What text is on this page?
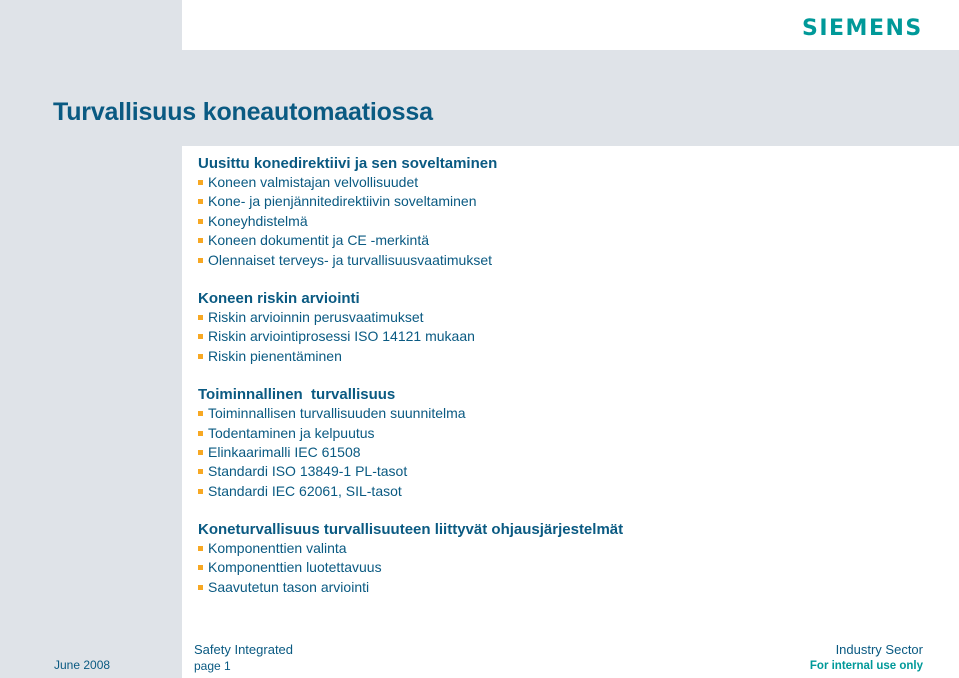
SIEMENS
Turvallisuus koneautomaatiossa
Uusittu konedirektiivi ja sen soveltaminen
Koneen valmistajan velvollisuudet
Kone- ja pienjännitedirektiivin soveltaminen
Koneyhdistelmä
Koneen dokumentit ja CE -merkintä
Olennaiset terveys- ja turvallisuusvaatimukset
Koneen riskin arviointi
Riskin arvioinnin perusvaatimukset
Riskin arviointiprosessi ISO 14121 mukaan
Riskin pienentäminen
Toiminnallinen  turvallisuus
Toiminnallisen turvallisuuden suunnitelma
Todentaminen ja kelpuutus
Elinkaarimalli IEC 61508
Standardi ISO 13849-1 PL-tasot
Standardi IEC 62061, SIL-tasot
Koneturvallisuus turvallisuuteen liittyvät ohjausjärjestelmät
Komponenttien valinta
Komponenttien luotettavuus
Saavutetun tason arviointi
June 2008
Safety Integrated
page 1
Industry Sector
For internal use only
